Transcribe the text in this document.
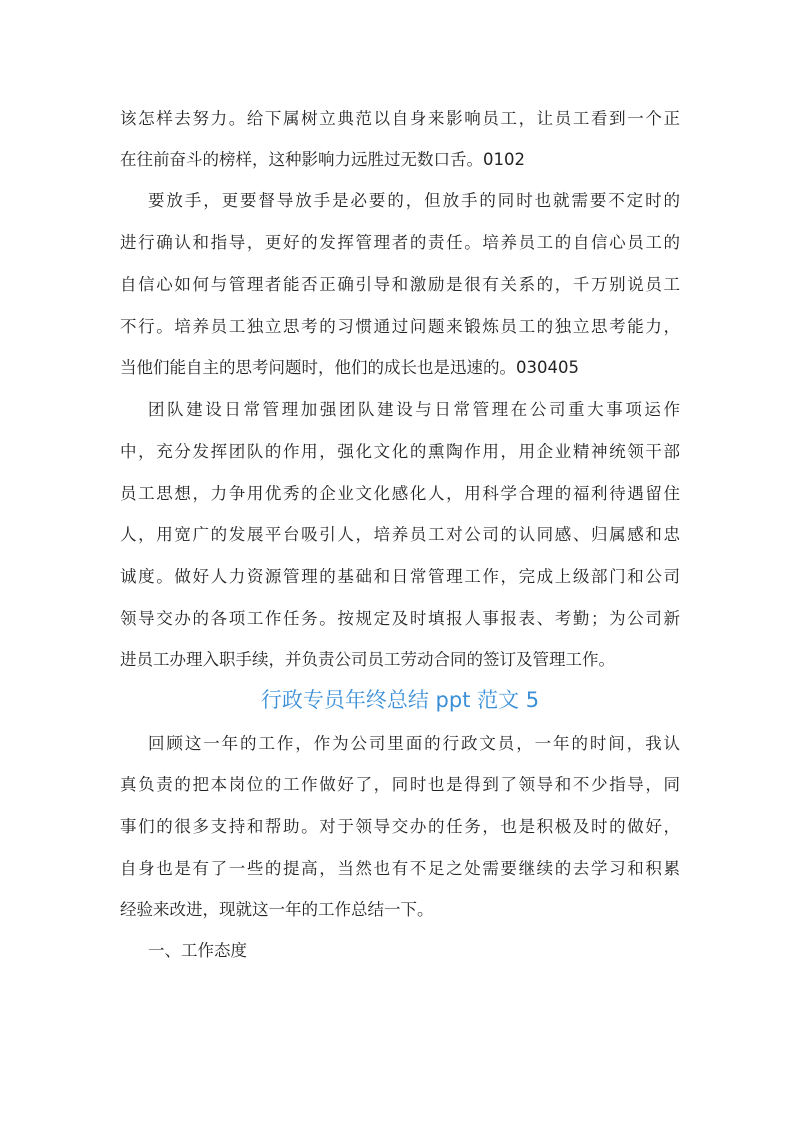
该怎样去努力。给下属树立典范以自身来影响员工，让员工看到一个正
在往前奋斗的榜样，这种影响力远胜过无数口舌。0102
要放手，更要督导放手是必要的，但放手的同时也就需要不定时的
进行确认和指导，更好的发挥管理者的责任。培养员工的自信心员工的
自信心如何与管理者能否正确引导和激励是很有关系的，千万别说员工
不行。培养员工独立思考的习惯通过问题来锻炼员工的独立思考能力，
当他们能自主的思考问题时，他们的成长也是迅速的。030405
团队建设日常管理加强团队建设与日常管理在公司重大事项运作
中，充分发挥团队的作用，强化文化的熏陶作用，用企业精神统领干部
员工思想，力争用优秀的企业文化感化人，用科学合理的福利待遇留住
人，用宽广的发展平台吸引人，培养员工对公司的认同感、归属感和忠
诚度。做好人力资源管理的基础和日常管理工作，完成上级部门和公司
领导交办的各项工作任务。按规定及时填报人事报表、考勤；为公司新
进员工办理入职手续，并负责公司员工劳动合同的签订及管理工作。
行政专员年终总结 ppt 范文 5
回顾这一年的工作，作为公司里面的行政文员，一年的时间，我认
真负责的把本岗位的工作做好了，同时也是得到了领导和不少指导，同
事们的很多支持和帮助。对于领导交办的任务，也是积极及时的做好，
自身也是有了一些的提高，当然也有不足之处需要继续的去学习和积累
经验来改进，现就这一年的工作总结一下。
一、工作态度
